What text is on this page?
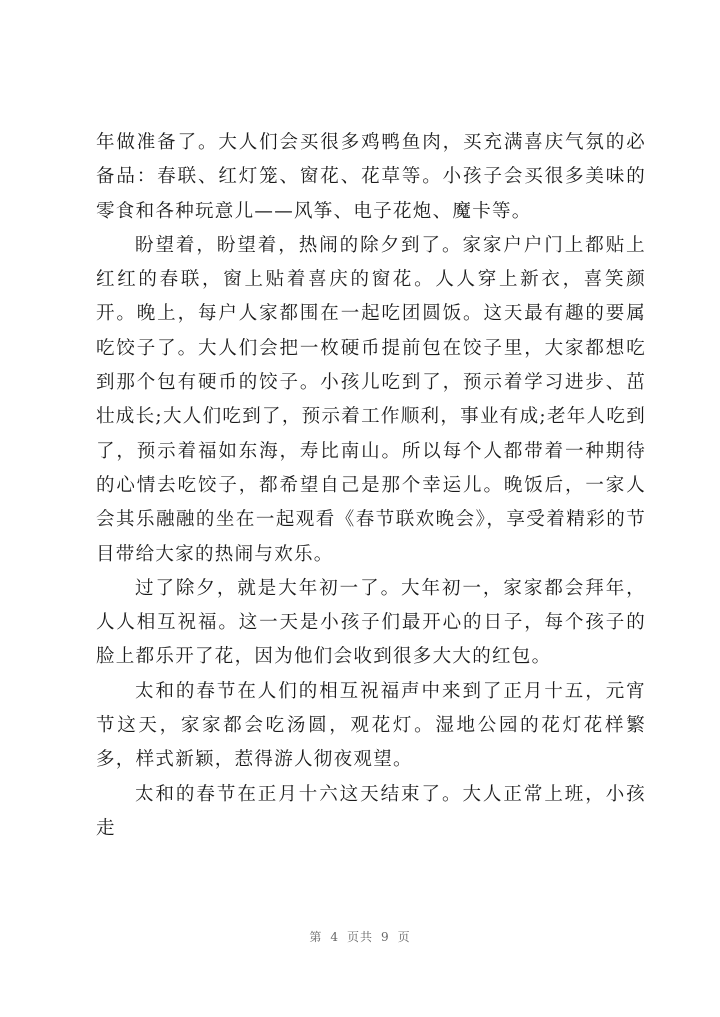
年做准备了。大人们会买很多鸡鸭鱼肉，买充满喜庆气氛的必备品：春联、红灯笼、窗花、花草等。小孩子会买很多美味的零食和各种玩意儿——风筝、电子花炮、魔卡等。

盼望着，盼望着，热闹的除夕到了。家家户户门上都贴上红红的春联，窗上贴着喜庆的窗花。人人穿上新衣，喜笑颜开。晚上，每户人家都围在一起吃团圆饭。这天最有趣的要属吃饺子了。大人们会把一枚硬币提前包在饺子里，大家都想吃到那个包有硬币的饺子。小孩儿吃到了，预示着学习进步、茁壮成长;大人们吃到了，预示着工作顺利，事业有成;老年人吃到了，预示着福如东海，寿比南山。所以每个人都带着一种期待的心情去吃饺子，都希望自己是那个幸运儿。晚饭后，一家人会其乐融融的坐在一起观看《春节联欢晚会》，享受着精彩的节目带给大家的热闹与欢乐。

过了除夕，就是大年初一了。大年初一，家家都会拜年，人人相互祝福。这一天是小孩子们最开心的日子，每个孩子的脸上都乐开了花，因为他们会收到很多大大的红包。

太和的春节在人们的相互祝福声中来到了正月十五，元宵节这天，家家都会吃汤圆，观花灯。湿地公园的花灯花样繁多，样式新颖，惹得游人彻夜观望。

太和的春节在正月十六这天结束了。大人正常上班，小孩走

第 4 页共 9 页
